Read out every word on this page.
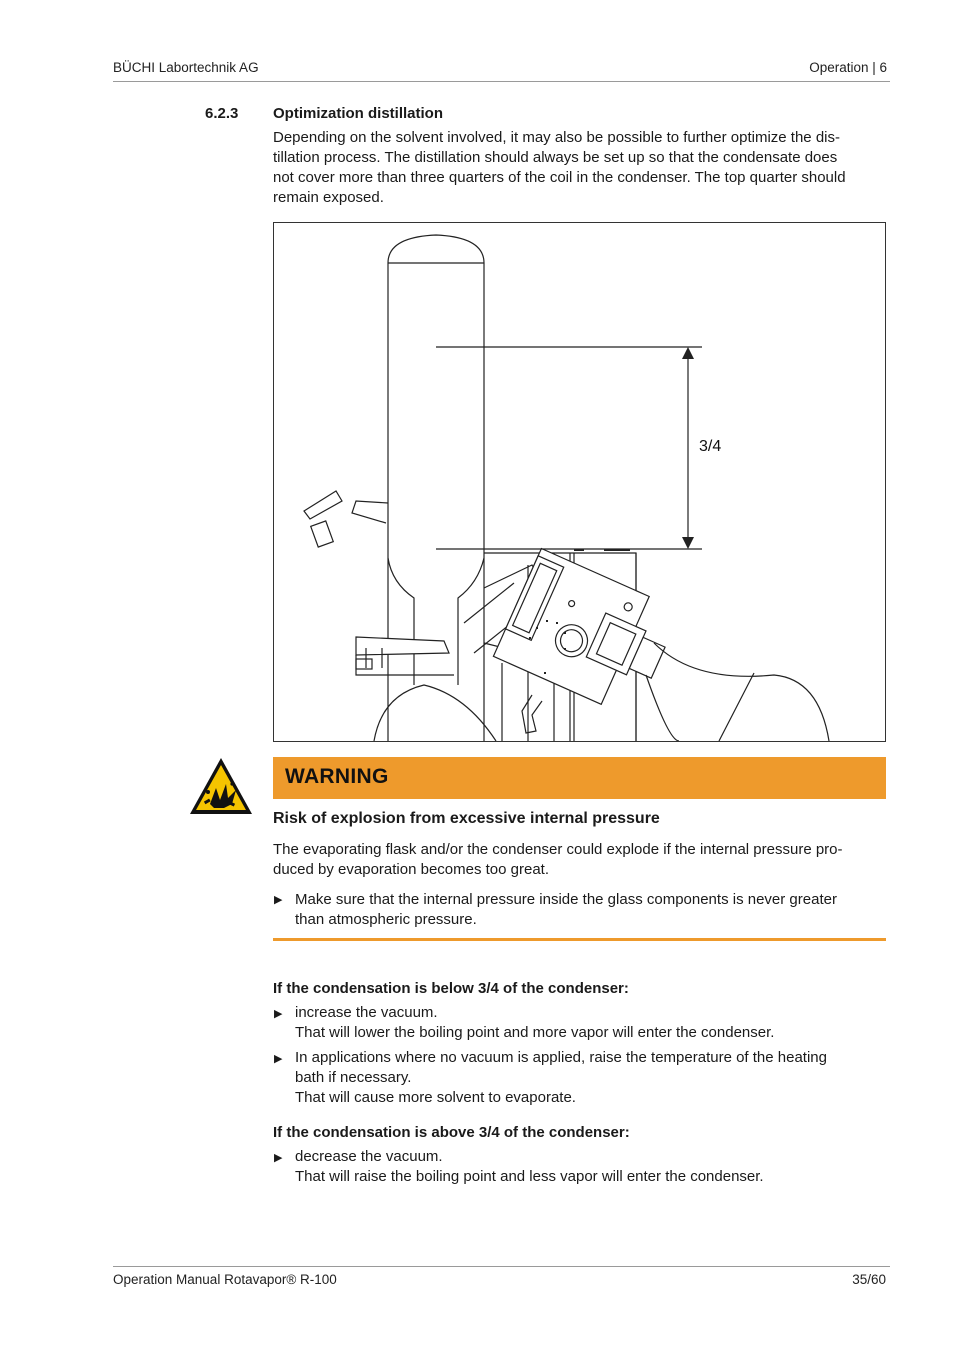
BÜCHI Labortechnik AG	Operation | 6
6.2.3 Optimization distillation
Depending on the solvent involved, it may also be possible to further optimize the dis-
tillation process. The distillation should always be set up so that the condensate does
not cover more than three quarters of the coil in the condenser. The top quarter should
remain exposed.
3/4
WARNING
Risk of explosion from excessive internal pressure
The evaporating flask and/or the condenser could explode if the internal pressure pro-
duced by evaporation becomes too great.
▶ Make sure that the internal pressure inside the glass components is never greater
than atmospheric pressure.
If the condensation is below 3/4 of the condenser:
▶ increase the vacuum.
That will lower the boiling point and more vapor will enter the condenser.
▶ In applications where no vacuum is applied, raise the temperature of the heating
bath if necessary.
That will cause more solvent to evaporate.
If the condensation is above 3/4 of the condenser:
▶ decrease the vacuum.
That will raise the boiling point and less vapor will enter the condenser.
Operation Manual Rotavapor® R-100	35/60
